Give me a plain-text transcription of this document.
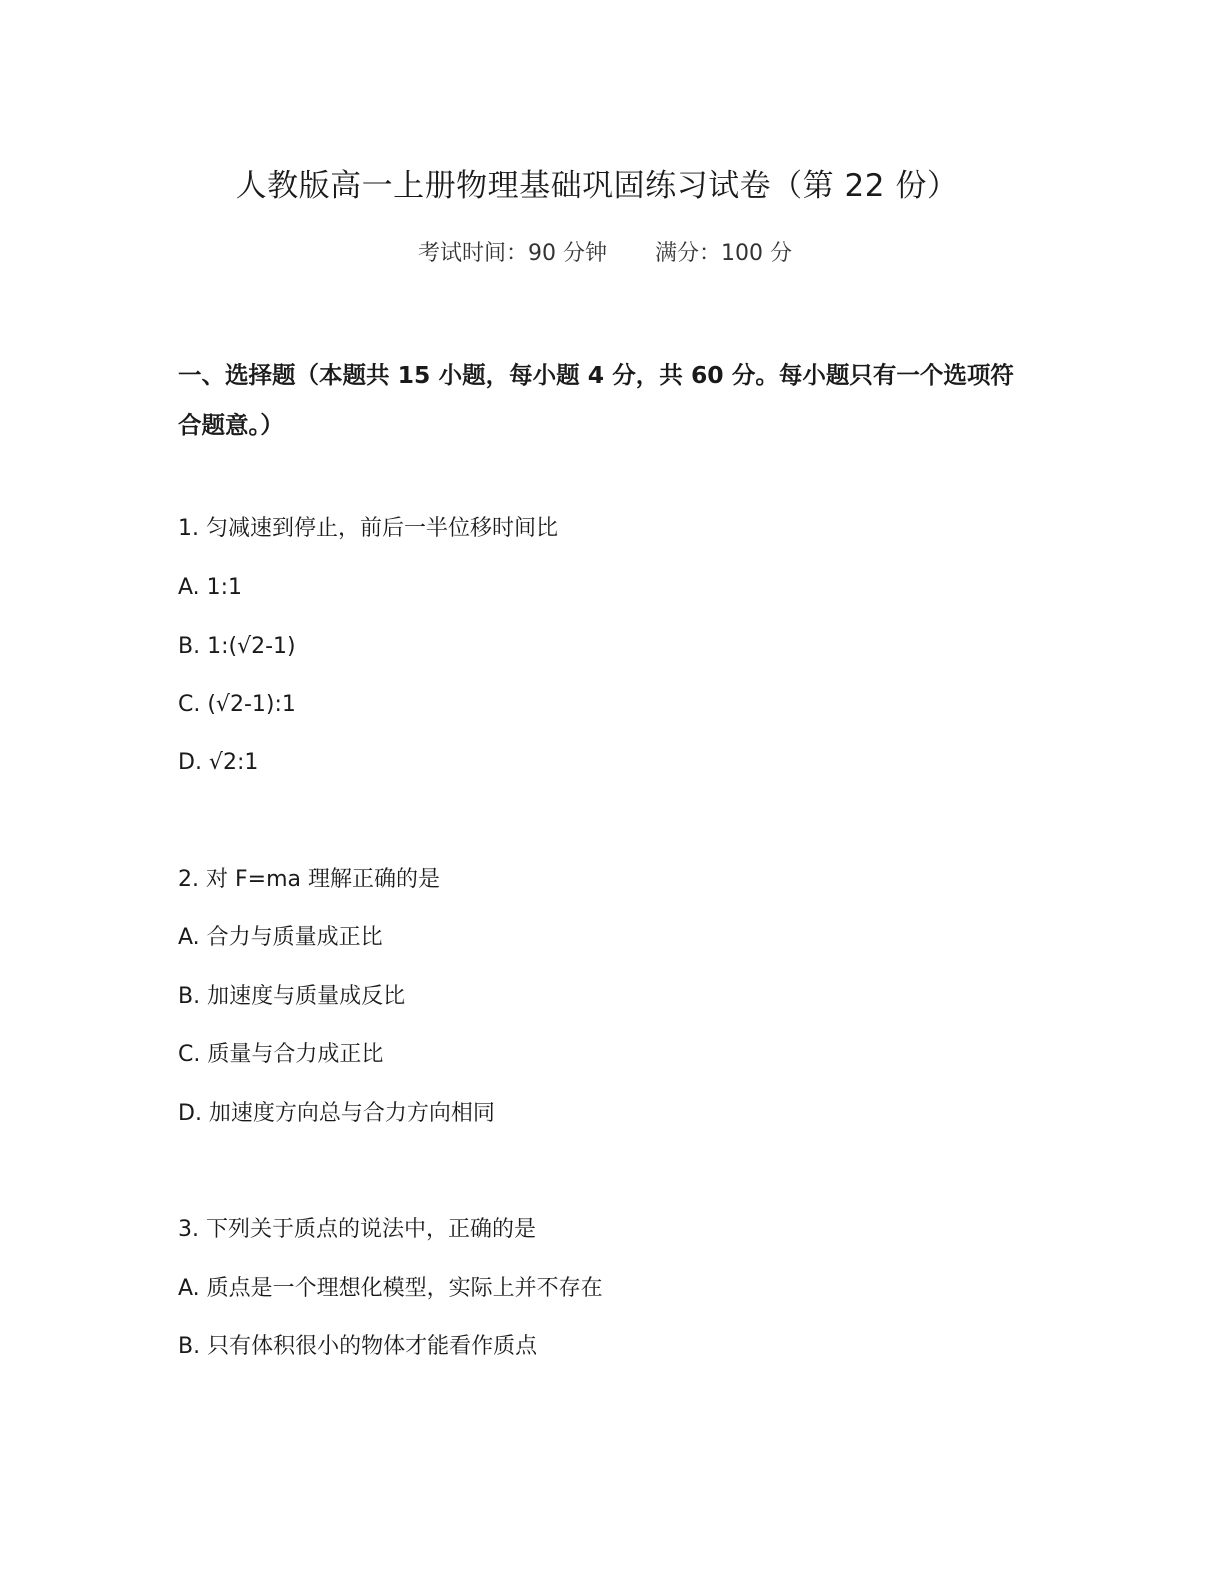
人教版高一上册物理基础巩固练习试卷（第 22 份）
考试时间：90 分钟 满分：100 分
一、选择题（本题共 15 小题，每小题 4 分，共 60 分。每小题只有一个选项符合题意。）
1. 匀减速到停止，前后一半位移时间比
A. 1:1
B. 1:(√2-1)
C. (√2-1):1
D. √2:1
2. 对 F=ma 理解正确的是
A. 合力与质量成正比
B. 加速度与质量成反比
C. 质量与合力成正比
D. 加速度方向总与合力方向相同
3. 下列关于质点的说法中，正确的是
A. 质点是一个理想化模型，实际上并不存在
B. 只有体积很小的物体才能看作质点
